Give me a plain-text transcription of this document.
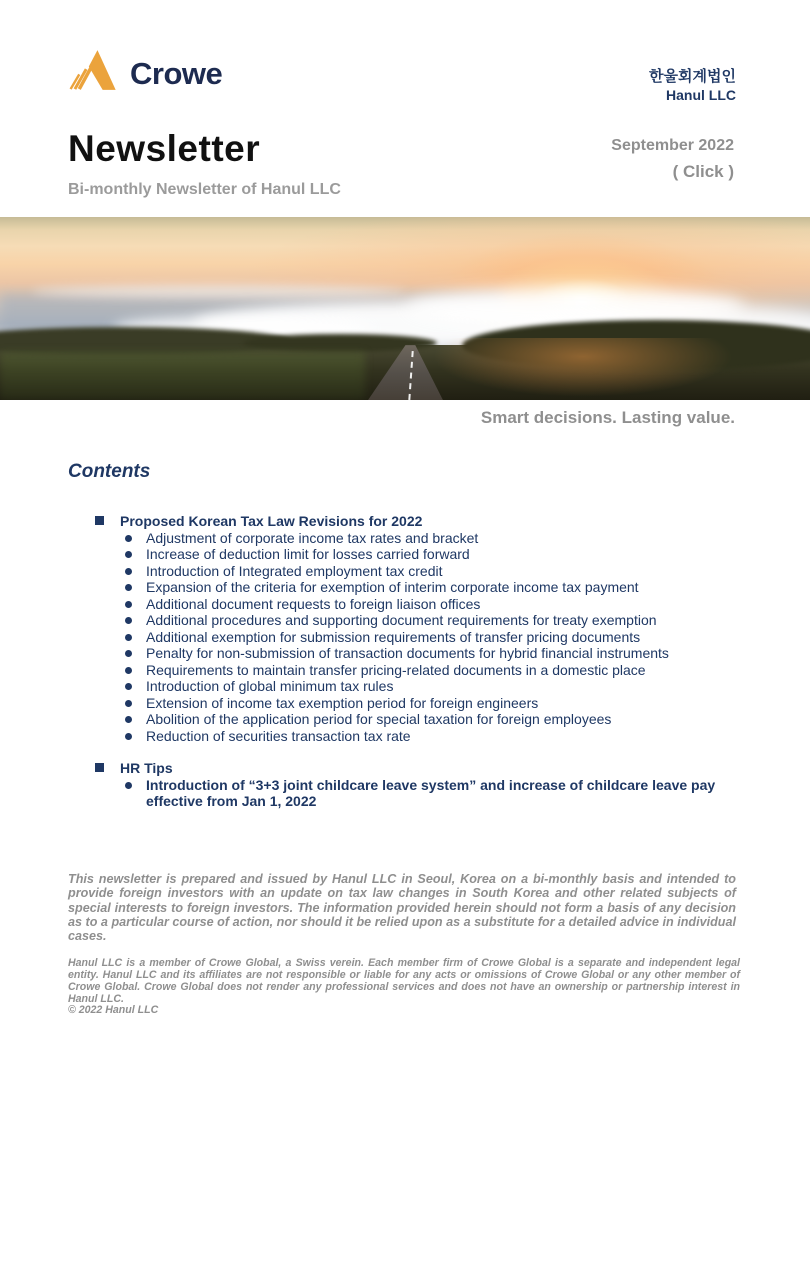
Crowe	한울회계법인
Hanul LLC
Newsletter
Bi-monthly Newsletter of Hanul LLC
September 2022
( Click )
Smart decisions. Lasting value.
Contents
Proposed Korean Tax Law Revisions for 2022
Adjustment of corporate income tax rates and bracket
Increase of deduction limit for losses carried forward
Introduction of Integrated employment tax credit
Expansion of the criteria for exemption of interim corporate income tax payment
Additional document requests to foreign liaison offices
Additional procedures and supporting document requirements for treaty exemption
Additional exemption for submission requirements of transfer pricing documents
Penalty for non-submission of transaction documents for hybrid financial instruments
Requirements to maintain transfer pricing-related documents in a domestic place
Introduction of global minimum tax rules
Extension of income tax exemption period for foreign engineers
Abolition of the application period for special taxation for foreign employees
Reduction of securities transaction tax rate
HR Tips
Introduction of “3+3 joint childcare leave system” and increase of childcare leave pay effective from Jan 1, 2022
This newsletter is prepared and issued by Hanul LLC in Seoul, Korea on a bi-monthly basis and intended to provide foreign investors with an update on tax law changes in South Korea and other related subjects of special interests to foreign investors. The information provided herein should not form a basis of any decision as to a particular course of action, nor should it be relied upon as a substitute for a detailed advice in individual cases.
Hanul LLC is a member of Crowe Global, a Swiss verein. Each member firm of Crowe Global is a separate and independent legal entity. Hanul LLC and its affiliates are not responsible or liable for any acts or omissions of Crowe Global or any other member of Crowe Global. Crowe Global does not render any professional services and does not have an ownership or partnership interest in Hanul LLC.
© 2022 Hanul LLC
